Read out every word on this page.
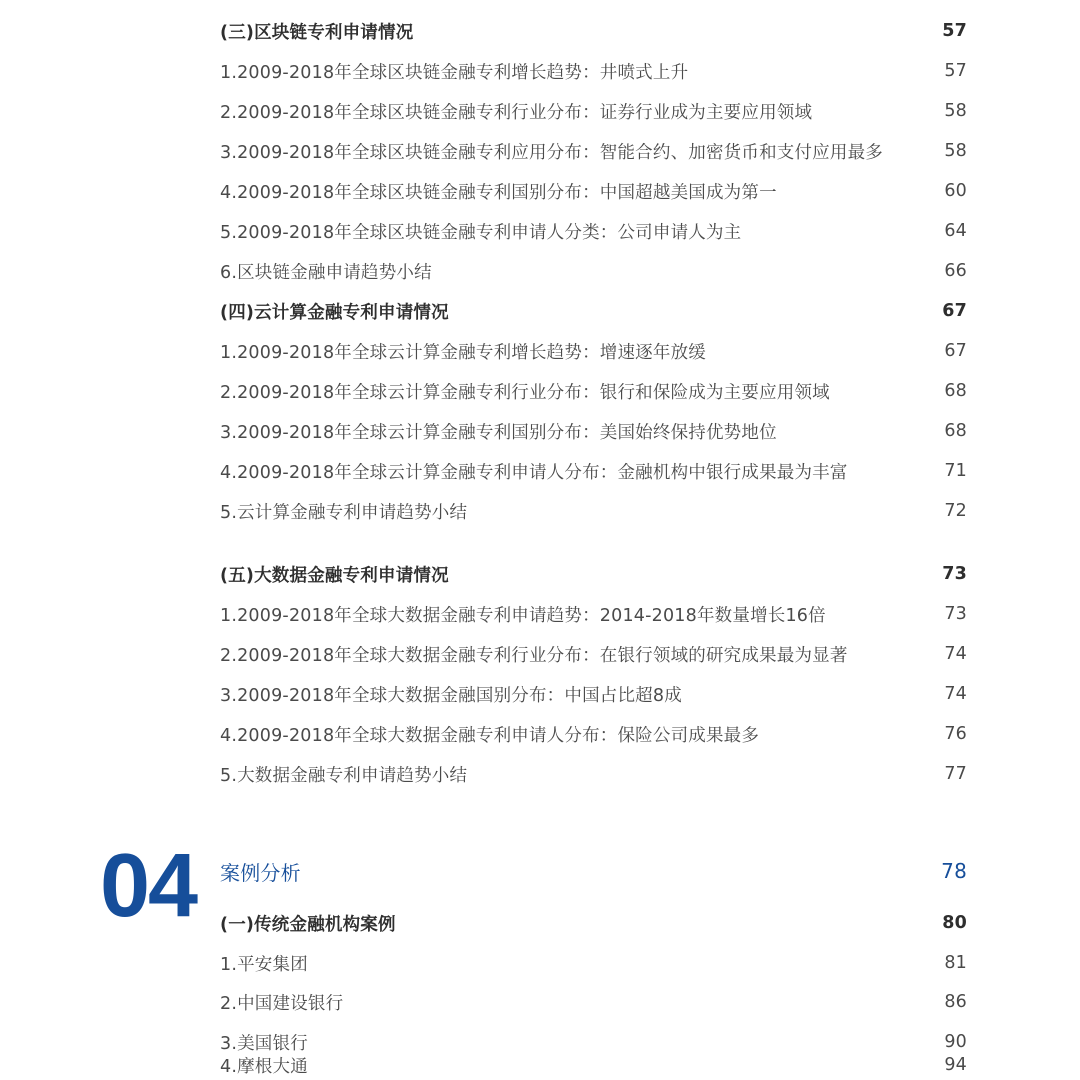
(三)区块链专利申请情况	57
1.2009-2018年全球区块链金融专利增长趋势：井喷式上升	57
2.2009-2018年全球区块链金融专利行业分布：证券行业成为主要应用领域	58
3.2009-2018年全球区块链金融专利应用分布：智能合约、加密货币和支付应用最多	58
4.2009-2018年全球区块链金融专利国别分布：中国超越美国成为第一	60
5.2009-2018年全球区块链金融专利申请人分类：公司申请人为主	64
6.区块链金融申请趋势小结	66
(四)云计算金融专利申请情况	67
1.2009-2018年全球云计算金融专利增长趋势：增速逐年放缓	67
2.2009-2018年全球云计算金融专利行业分布：银行和保险成为主要应用领域	68
3.2009-2018年全球云计算金融专利国别分布：美国始终保持优势地位	68
4.2009-2018年全球云计算金融专利申请人分布：金融机构中银行成果最为丰富	71
5.云计算金融专利申请趋势小结	72
(五)大数据金融专利申请情况	73
1.2009-2018年全球大数据金融专利申请趋势：2014-2018年数量增长16倍	73
2.2009-2018年全球大数据金融专利行业分布：在银行领域的研究成果最为显著	74
3.2009-2018年全球大数据金融国别分布：中国占比超8成	74
4.2009-2018年全球大数据金融专利申请人分布：保险公司成果最多	76
5.大数据金融专利申请趋势小结	77
04 案例分析	78
(一)传统金融机构案例	80
1.平安集团	81
2.中国建设银行	86
3.美国银行	90
4.摩根大通	94
